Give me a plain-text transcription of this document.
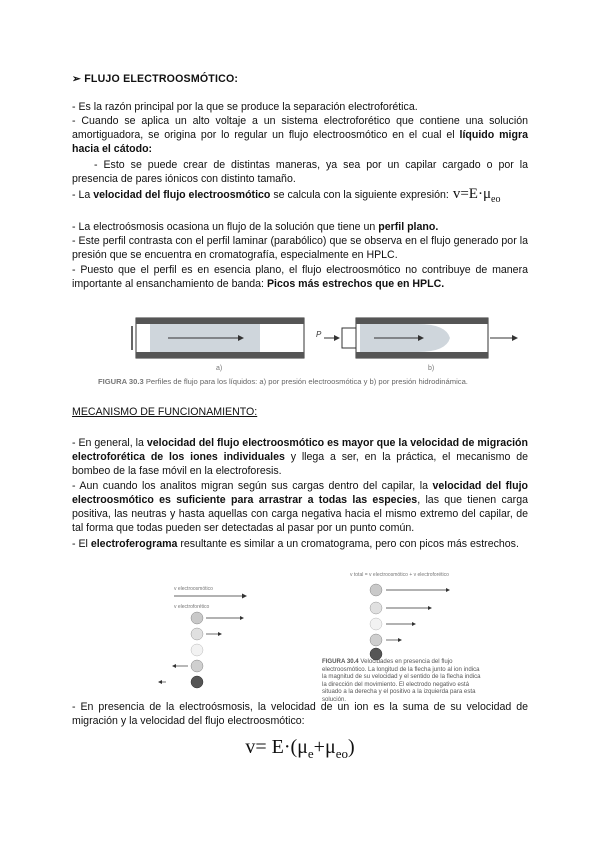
➢ FLUJO ELECTROOSMÓTICO:
- Es la razón principal por la que se produce la separación electroforética.
- Cuando se aplica un alto voltaje a un sistema electroforético que contiene una solución amortiguadora, se origina por lo regular un flujo electroosmótico en el cual el líquido migra hacia el cátodo:
- Esto se puede crear de distintas maneras, ya sea por un capilar cargado o por la presencia de pares iónicos con distinto tamaño.
- La velocidad del flujo electroosmótico se calcula con la siguiente expresión: $v=E\cdot\mu_{eo}$
- La electroósmosis ocasiona un flujo de la solución que tiene un perfil plano.
- Este perfil contrasta con el perfil laminar (parabólico) que se observa en el flujo generado por la presión que se encuentra en cromatografía, especialmente en HPLC.
- Puesto que el perfil es en esencia plano, el flujo electroosmótico no contribuye de manera importante al ensanchamiento de banda: Picos más estrechos que en HPLC.
P
a)	b)
FIGURA 30.3 Perfiles de flujo para los líquidos: a) por presión electroosmótica y b) por presión hidrodinámica.
MECANISMO DE FUNCIONAMIENTO:
- En general, la velocidad del flujo electroosmótico es mayor que la velocidad de migración electroforética de los iones individuales y llega a ser, en la práctica, el mecanismo de bombeo de la fase móvil en la electroforesis.
- Aun cuando los analitos migran según sus cargas dentro del capilar, la velocidad del flujo electroosmótico es suficiente para arrastrar a todas las especies, las que tienen carga positiva, las neutras y hasta aquellas con carga negativa hacia el mismo extremo del capilar, de tal forma que todas pueden ser detectadas al pasar por un punto común.
- El electroferograma resultante es similar a un cromatograma, pero con picos más estrechos.
v electroosmótico
v electroforético
v total = v electroosmótico + v electroforético
FIGURA 30.4 Velocidades en presencia del flujo electroosmótico. La longitud de la flecha junto al ion indica la magnitud de su velocidad y el sentido de la flecha indica la dirección del movimiento. El electrodo negativo está situado a la derecha y el positivo a la izquierda para esta solución.
- En presencia de la electroósmosis, la velocidad de un ion es la suma de su velocidad de migración y la velocidad del flujo electroosmótico:
$v= E\cdot(\mu_e+\mu_{eo})$
